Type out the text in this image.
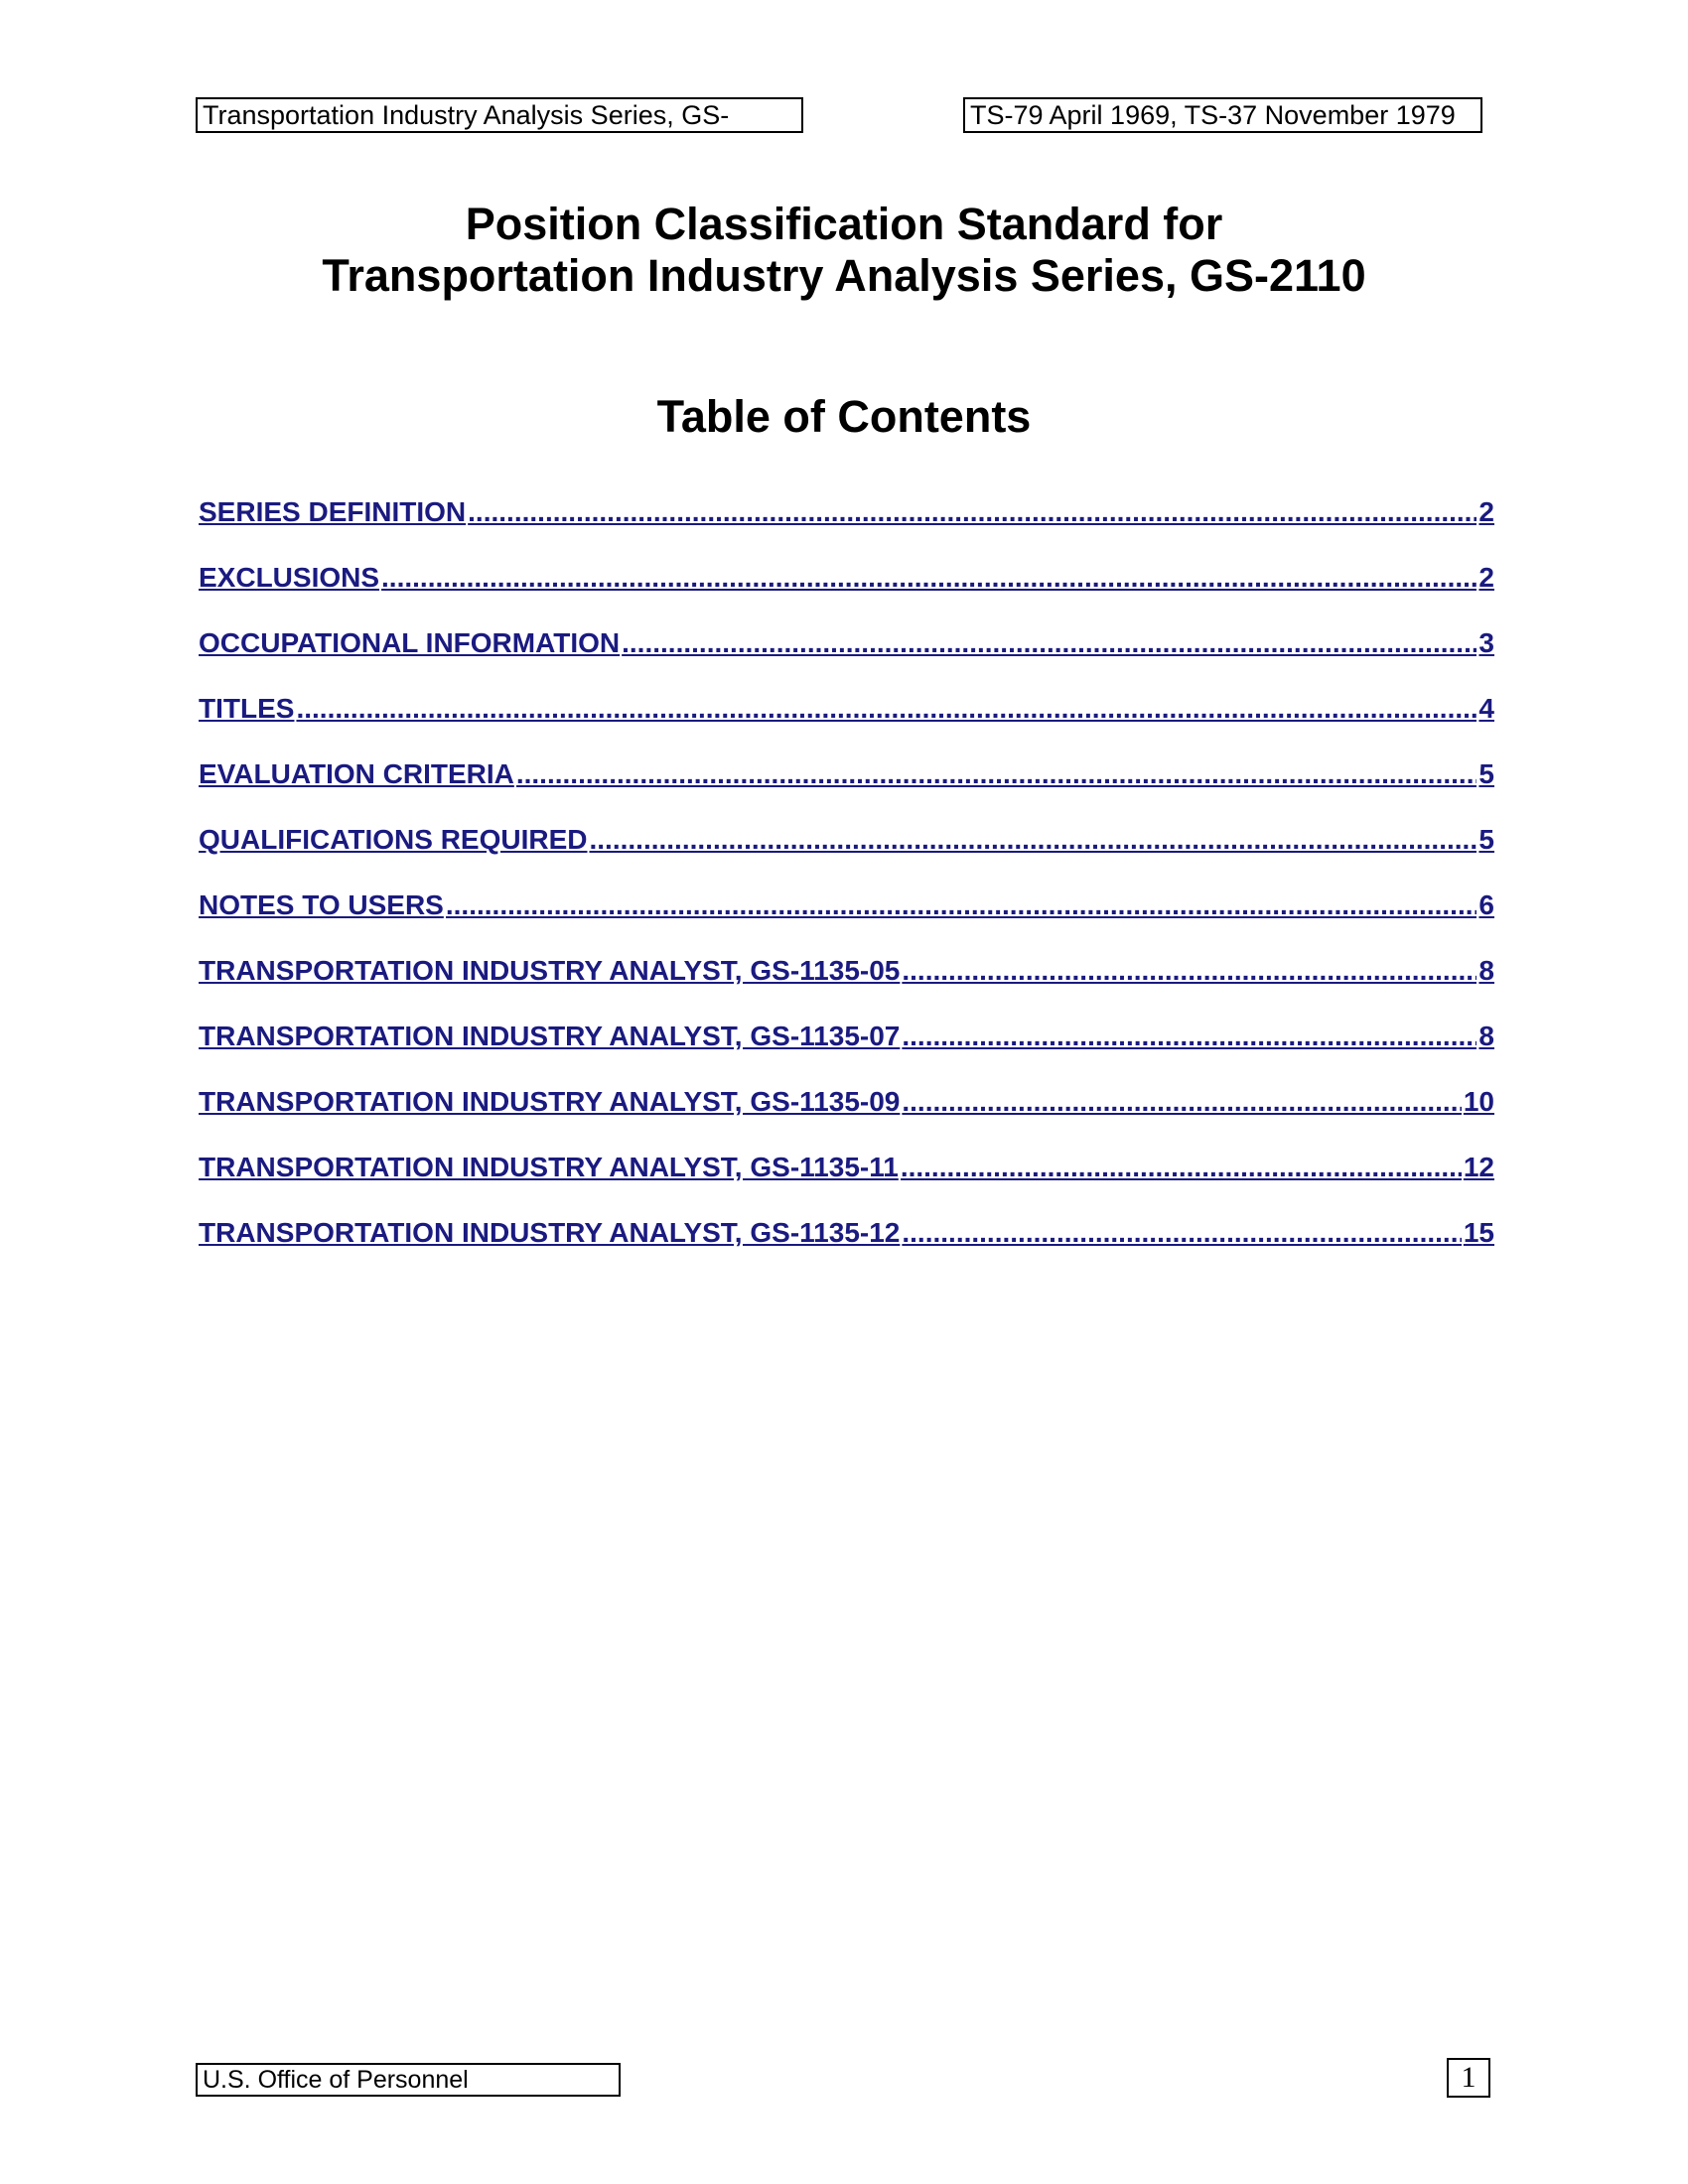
Transportation Industry Analysis Series, GS-	TS-79 April 1969, TS-37 November 1979
Position Classification Standard for
Transportation Industry Analysis Series, GS-2110
Table of Contents
SERIES DEFINITION .....	2
EXCLUSIONS .....	2
OCCUPATIONAL INFORMATION .....	3
TITLES .....	4
EVALUATION CRITERIA .....	5
QUALIFICATIONS REQUIRED .....	5
NOTES TO USERS .....	6
TRANSPORTATION INDUSTRY ANALYST, GS-1135-05 .....	8
TRANSPORTATION INDUSTRY ANALYST, GS-1135-07 .....	8
TRANSPORTATION INDUSTRY ANALYST, GS-1135-09 .....	10
TRANSPORTATION INDUSTRY ANALYST, GS-1135-11 .....	12
TRANSPORTATION INDUSTRY ANALYST, GS-1135-12 .....	15
U.S. Office of Personnel	1
